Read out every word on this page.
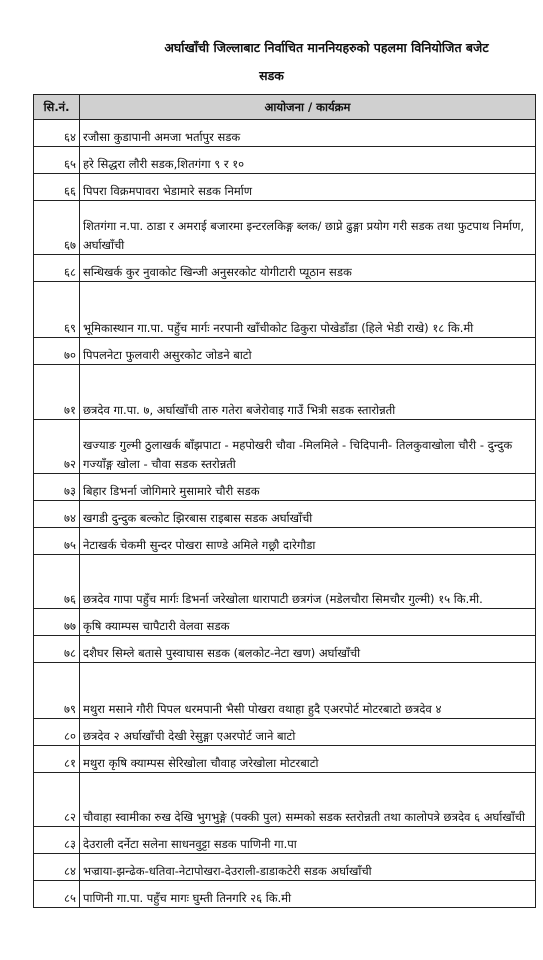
अर्घाखाँची जिल्लाबाट निर्वाचित माननियहरुको पहलमा विनियोजित बजेट
सडक
सि.नं.	आयोजना / कार्यक्रम
६४	रजौसा कुडापानी अमजा भर्तापुर सडक
६५	हरे सिद्धरा लौरी सडक,शितगंगा ९ र १०
६६	पिपरा विक्रमपावरा भेडामारे सडक निर्माण
६७	शितगंगा न.पा. ठाडा र अमराई बजारमा इन्टरलकिङ्ग ब्लक/ छाप्ने ढुङ्गा प्रयोग गरी सडक तथा फुटपाथ निर्माण, अर्घाखाँची
६८	सन्धिखर्क कुर नुवाकोट खिन्जी अनुसरकोट योगीटारी प्यूठान सडक
६९	भूमिकास्थान गा.पा. पहुँच मार्गः नरपानी खाँचीकोट ढिकुरा पोखेडाँडा (हिले भेडी राखे) १८ कि.मी
७०	पिपलनेटा फुलवारी असुरकोट जोडने बाटो
७१	छत्रदेव गा.पा. ७, अर्घाखाँची तारु गतेरा बजेरोवाइ गाउँ भित्री सडक स्तारोन्नती
७२	खज्याङ गुल्मी ठुलाखर्क बाँझपाटा - महपोखरी चौवा -मिलमिले - चिदिपानी- तिलकुवाखोला चौरी - दुन्दुक गज्याँङ्ग खोला - चौवा सडक स्तरोन्नती
७३	बिहार डिभर्ना जोगिमारे मुसामारे चौरी सडक
७४	खगडी दुन्दुक बल्कोट झिरबास राइबास सडक अर्घाखाँची
७५	नेटाखर्क चेकमी सुन्दर पोखरा साण्डे अमिले गछ्रौ दारेगौडा
७६	छत्रदेव गापा पहुँच मार्गः डिभर्ना जरेखोला धारापाटी छत्रगंज (मडेलचौरा सिमचौर गुल्मी) १५ कि.मी.
७७	कृषि क्याम्पस चापैटारी वेलवा सडक
७८	दशैघर सिम्ले बतासे पुस्वाघास सडक (बलकोट-नेटा खण) अर्घाखाँची
७९	मथुरा मसाने गौरी पिपल धरमपानी भैसी पोखरा वथाहा हुदै एअरपोर्ट मोटरबाटो छत्रदेव ४
८०	छत्रदेव २ अर्घाखाँची देखी रेसुङ्गा एअरपोर्ट जाने बाटो
८१	मथुरा कृषि क्याम्पस सेरिखोला चौवाह जरेखोला मोटरबाटो
८२	चौवाहा स्वामीका रुख देखि भुगभुङ्गे (पक्की पुल) सम्मको सडक स्तरोन्नती तथा कालोपत्रे छत्रदेव ६ अर्घाखाँची
८३	देउराली दर्नेटा सलेना साधनवुट्टा सडक पाणिनी गा.पा
८४	भज्राया-झन्ढेक-धतिवा-नेटापोखरा-देउराली-डाडाकटेरी सडक अर्घाखाँची
८५	पाणिनी गा.पा. पहुँच मागः घुम्ती तिनगरि २६ कि.मी
